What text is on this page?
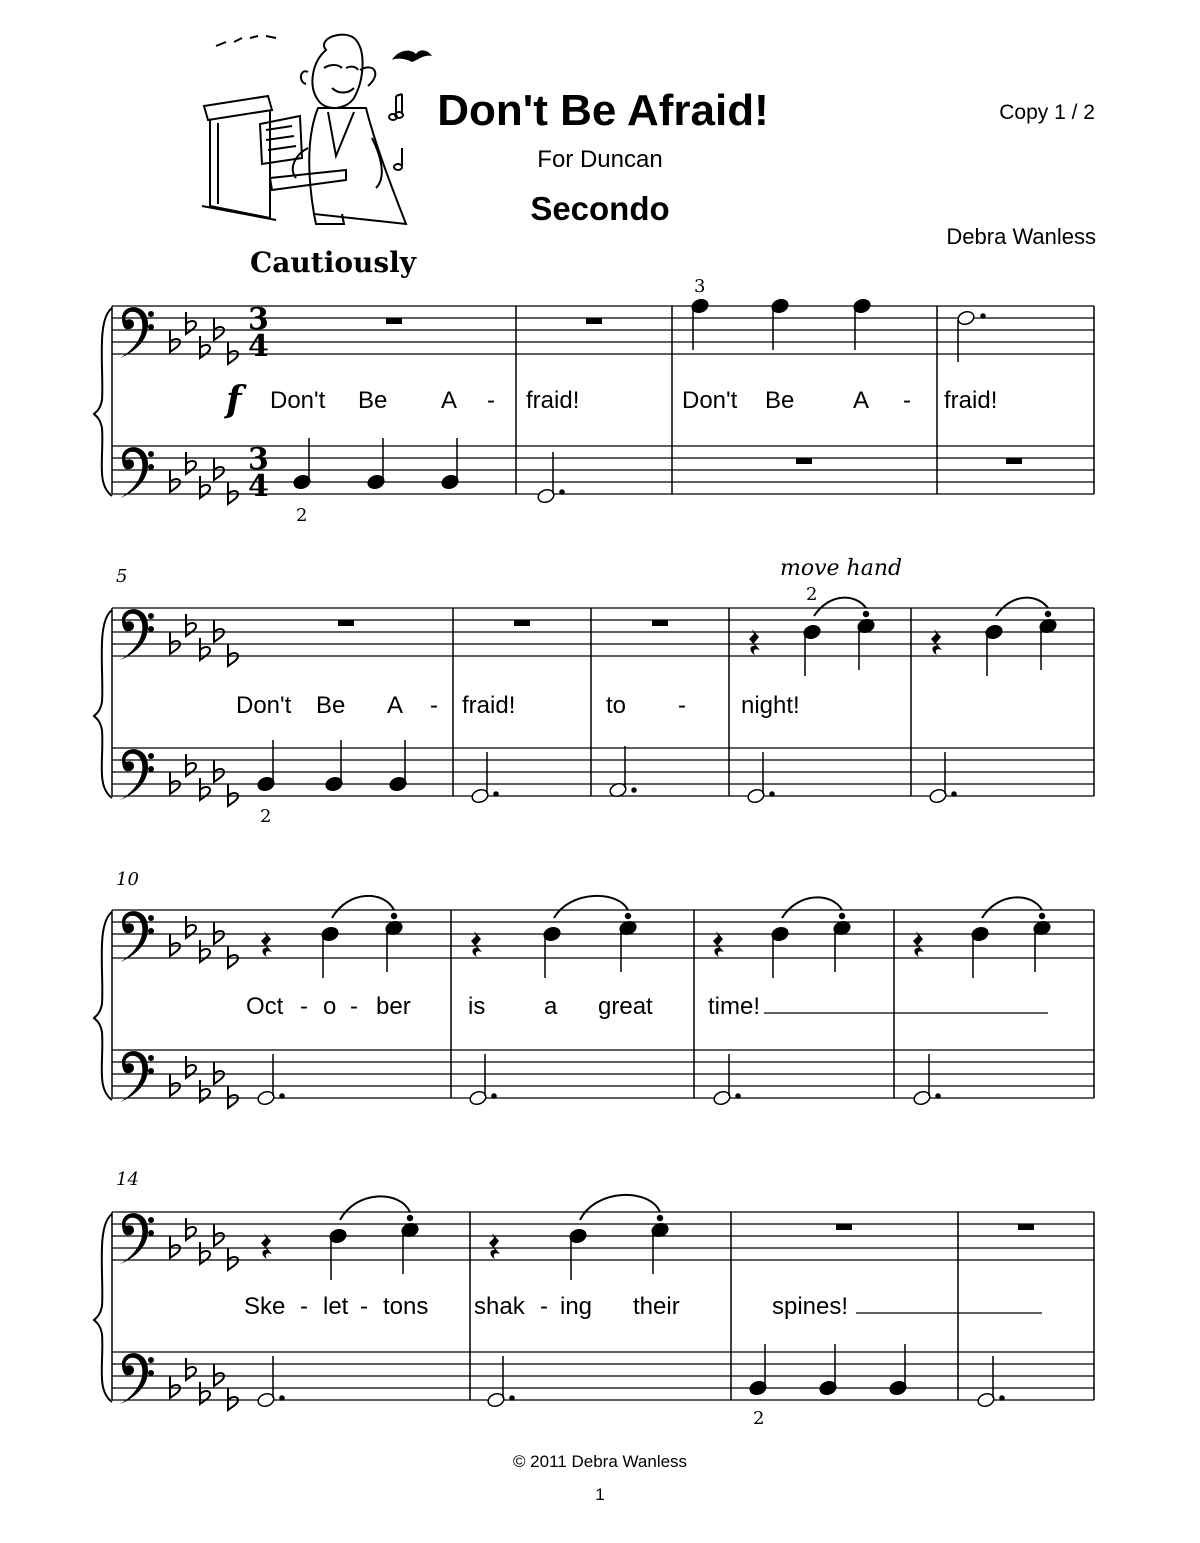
Don't Be Afraid!
For Duncan
Secondo
Copy 1 / 2
Debra Wanless
Cautiously
3
4
3
4
3
2
f Don't Be A - fraid!	Don't Be A - fraid!
5	move hand
2
2
Don't Be A - fraid!	to - night!
10
Oct - o - ber is a great time!
14
2
Ske - let - tons shak - ing their	spines!
© 2011 Debra Wanless
1
